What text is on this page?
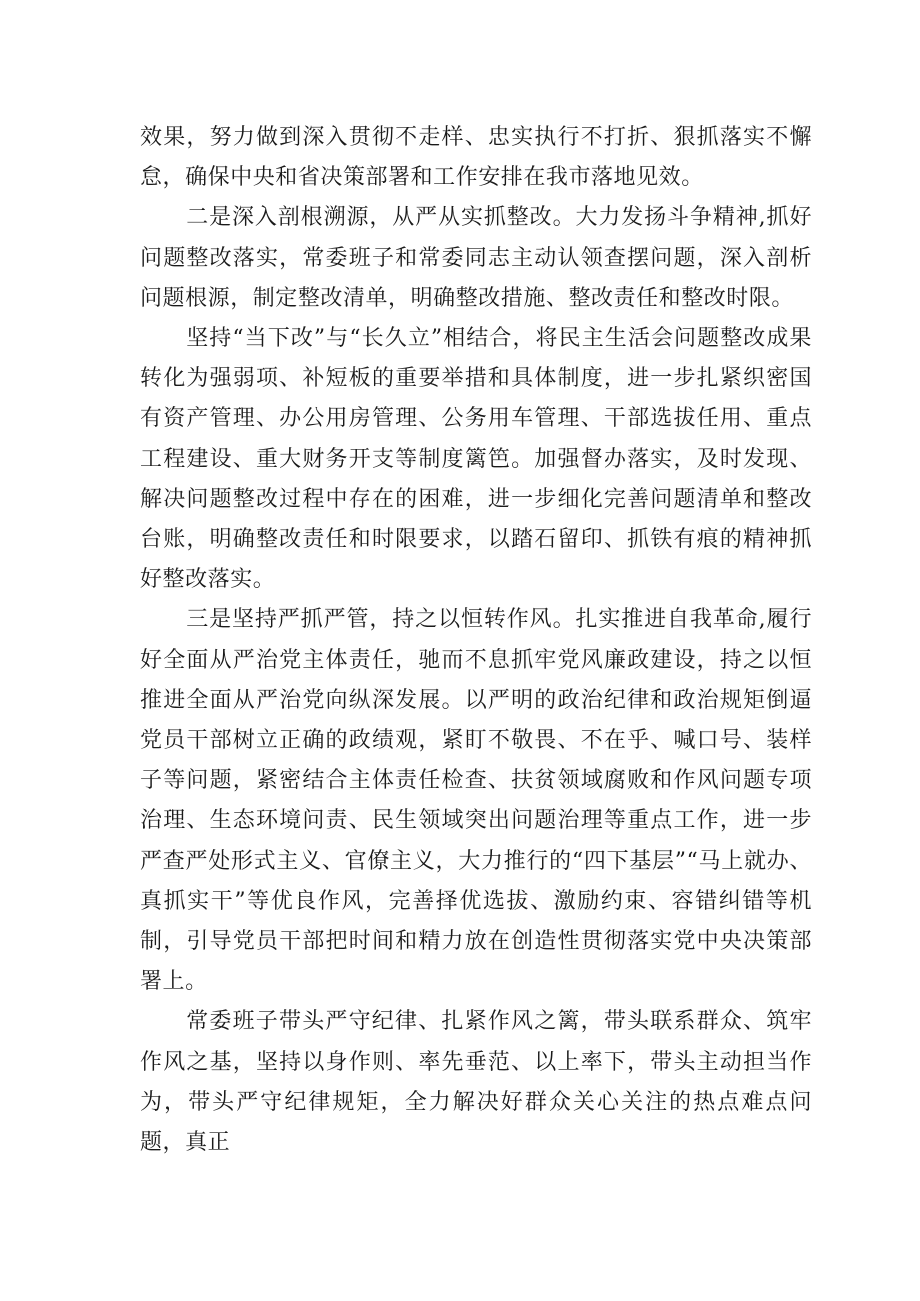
效果，努力做到深入贯彻不走样、忠实执行不打折、狠抓落实不懈怠，确保中央和省决策部署和工作安排在我市落地见效。

二是深入剖根溯源，从严从实抓整改。大力发扬斗争精神,抓好问题整改落实，常委班子和常委同志主动认领查摆问题，深入剖析问题根源，制定整改清单，明确整改措施、整改责任和整改时限。

坚持“当下改”与“长久立”相结合，将民主生活会问题整改成果转化为强弱项、补短板的重要举措和具体制度，进一步扎紧织密国有资产管理、办公用房管理、公务用车管理、干部选拔任用、重点工程建设、重大财务开支等制度篱笆。加强督办落实，及时发现、解决问题整改过程中存在的困难，进一步细化完善问题清单和整改台账，明确整改责任和时限要求，以踏石留印、抓铁有痕的精神抓好整改落实。

三是坚持严抓严管，持之以恒转作风。扎实推进自我革命,履行好全面从严治党主体责任，驰而不息抓牢党风廉政建设，持之以恒推进全面从严治党向纵深发展。以严明的政治纪律和政治规矩倒逼党员干部树立正确的政绩观，紧盯不敬畏、不在乎、喊口号、装样子等问题，紧密结合主体责任检查、扶贫领域腐败和作风问题专项治理、生态环境问责、民生领域突出问题治理等重点工作，进一步严查严处形式主义、官僚主义，大力推行的“四下基层”“马上就办、真抓实干”等优良作风，完善择优选拔、激励约束、容错纠错等机制，引导党员干部把时间和精力放在创造性贯彻落实党中央决策部署上。

常委班子带头严守纪律、扎紧作风之篱，带头联系群众、筑牢作风之基，坚持以身作则、率先垂范、以上率下，带头主动担当作为，带头严守纪律规矩，全力解决好群众关心关注的热点难点问题，真正
